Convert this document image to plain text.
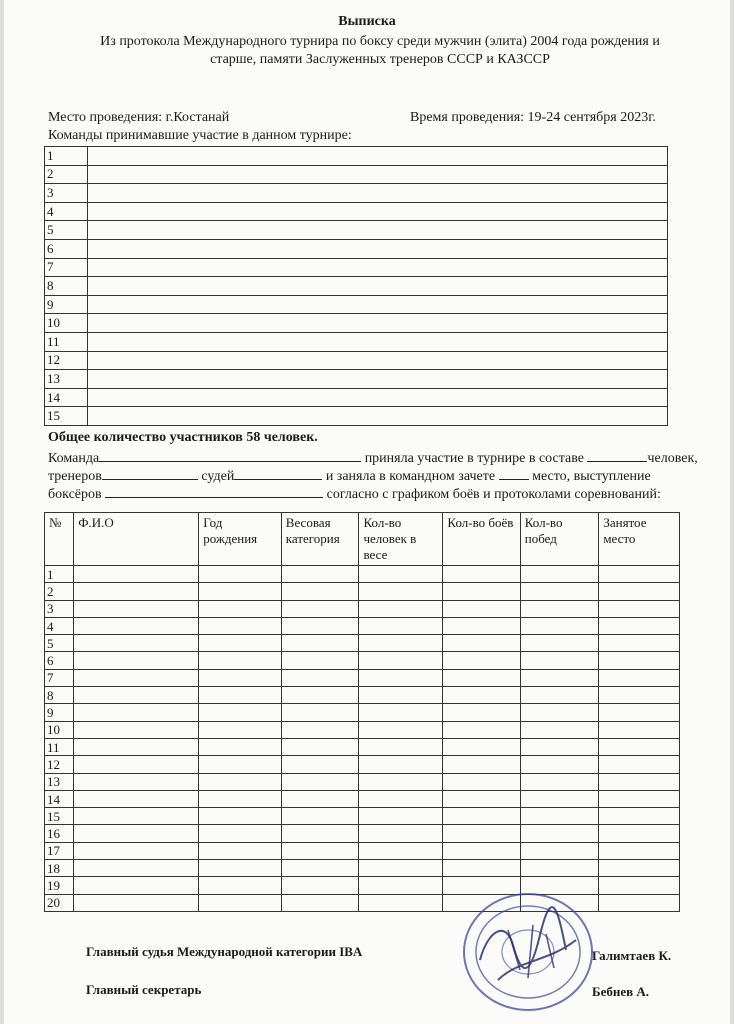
Выписка
Из протокола Международного турнира по боксу среди мужчин (элита) 2004 года рождения и
старше, памяти Заслуженных тренеров СССР и КАЗССР
Место проведения: г.Костанай	Время проведения: 19-24 сентября 2023г.
Команды принимавшие участие в данном турнире:
1	
2	
3	
4	
5	
6	
7	
8	
9	
10	
11	
12	
13	
14	
15	
Общее количество участников 58 человек.
Команда	приняла участие в турнире в составе	человек,
тренеров	судей	и заняла в командном зачете	место, выступление
боксёров	согласно с графиком боёв и протоколами соревнований:
№	Ф.И.О	Год рождения	Весовая категория	Кол-во человек в весе	Кол-во боёв	Кол-во побед	Занятое место
1							
2							
3							
4							
5							
6							
7							
8							
9							
10							
11							
12							
13							
14							
15							
16							
17							
18							
19							
20							
Главный судья Международной категории IBA	Галимтаев К.
Главный секретарь	Бебнев А.
